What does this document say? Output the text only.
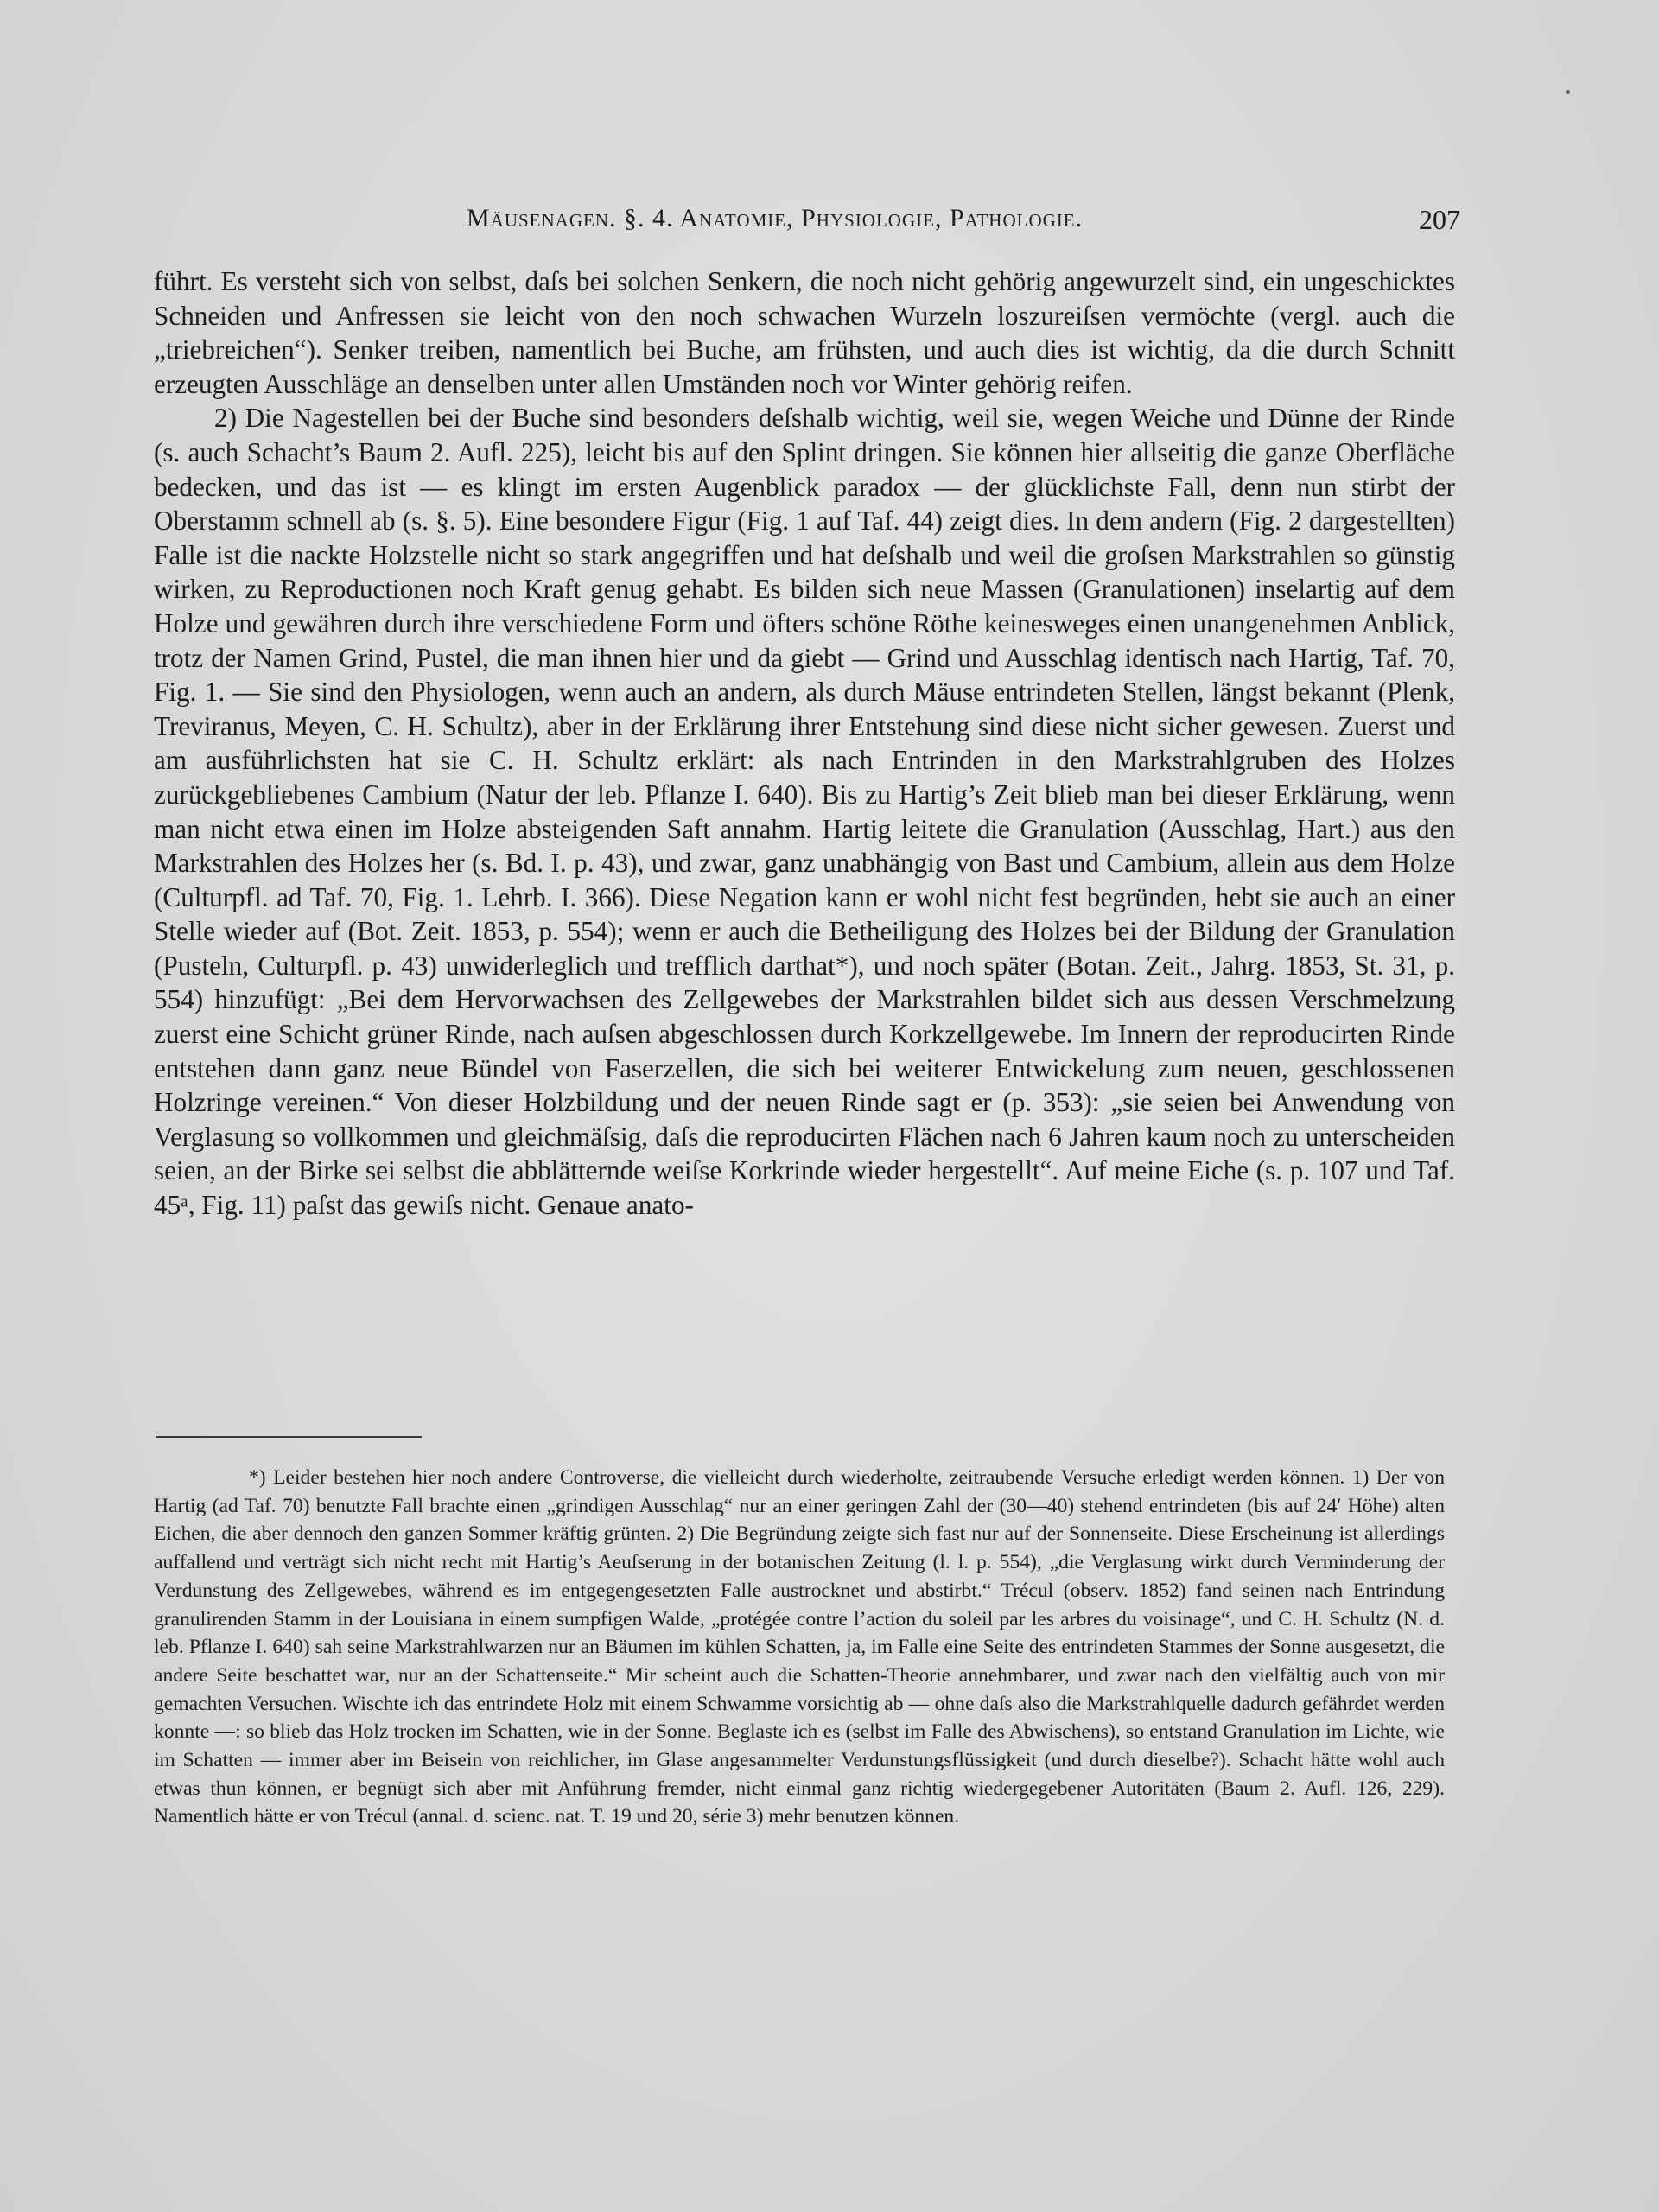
Mäusenagen. §. 4. Anatomie, Physiologie, Pathologie.	207

führt. Es versteht sich von selbst, daſs bei solchen Senkern, die noch nicht gehörig angewurzelt sind, ein ungeschicktes Schneiden und Anfressen sie leicht von den noch schwachen Wurzeln loszureiſsen vermöchte (vergl. auch die „triebreichen“). Senker treiben, namentlich bei Buche, am frühsten, und auch dies ist wichtig, da die durch Schnitt erzeugten Ausschläge an denselben unter allen Umständen noch vor Winter gehörig reifen.

2) Die Nagestellen bei der Buche sind besonders deſshalb wichtig, weil sie, wegen Weiche und Dünne der Rinde (s. auch Schacht’s Baum 2. Aufl. 225), leicht bis auf den Splint dringen. Sie können hier allseitig die ganze Oberfläche bedecken, und das ist — es klingt im ersten Augenblick paradox — der glücklichste Fall, denn nun stirbt der Oberstamm schnell ab (s. §. 5). Eine besondere Figur (Fig. 1 auf Taf. 44) zeigt dies. In dem andern (Fig. 2 dargestellten) Falle ist die nackte Holzstelle nicht so stark angegriffen und hat deſshalb und weil die groſsen Markstrahlen so günstig wirken, zu Reproductionen noch Kraft genug gehabt. Es bilden sich neue Massen (Granulationen) inselartig auf dem Holze und gewähren durch ihre verschiedene Form und öfters schöne Röthe keinesweges einen unangenehmen Anblick, trotz der Namen Grind, Pustel, die man ihnen hier und da giebt — Grind und Ausschlag identisch nach Hartig, Taf. 70, Fig. 1. — Sie sind den Physiologen, wenn auch an andern, als durch Mäuse entrindeten Stellen, längst bekannt (Plenk, Treviranus, Meyen, C. H. Schultz), aber in der Erklärung ihrer Entstehung sind diese nicht sicher gewesen. Zuerst und am ausführlichsten hat sie C. H. Schultz erklärt: als nach Entrinden in den Markstrahlgruben des Holzes zurückgebliebenes Cambium (Natur der leb. Pflanze I. 640). Bis zu Hartig’s Zeit blieb man bei dieser Erklärung, wenn man nicht etwa einen im Holze absteigenden Saft annahm. Hartig leitete die Granulation (Ausschlag, Hart.) aus den Markstrahlen des Holzes her (s. Bd. I. p. 43), und zwar, ganz unabhängig von Bast und Cambium, allein aus dem Holze (Culturpfl. ad Taf. 70, Fig. 1. Lehrb. I. 366). Diese Negation kann er wohl nicht fest begründen, hebt sie auch an einer Stelle wieder auf (Bot. Zeit. 1853, p. 554); wenn er auch die Betheiligung des Holzes bei der Bildung der Granulation (Pusteln, Culturpfl. p. 43) unwiderleglich und trefflich darthat*), und noch später (Botan. Zeit., Jahrg. 1853, St. 31, p. 554) hinzufügt: „Bei dem Hervorwachsen des Zellgewebes der Markstrahlen bildet sich aus dessen Verschmelzung zuerst eine Schicht grüner Rinde, nach auſsen abgeschlossen durch Korkzellgewebe. Im Innern der reproducirten Rinde entstehen dann ganz neue Bündel von Faserzellen, die sich bei weiterer Entwickelung zum neuen, geschlossenen Holzringe vereinen.“ Von dieser Holzbildung und der neuen Rinde sagt er (p. 353): „sie seien bei Anwendung von Verglasung so vollkommen und gleichmäſsig, daſs die reproducirten Flächen nach 6 Jahren kaum noch zu unterscheiden seien, an der Birke sei selbst die abblätternde weiſse Korkrinde wieder hergestellt“. Auf meine Eiche (s. p. 107 und Taf. 45ᵃ, Fig. 11) paſst das gewiſs nicht. Genaue anato-

*) Leider bestehen hier noch andere Controverse, die vielleicht durch wiederholte, zeitraubende Versuche erledigt werden können. 1) Der von Hartig (ad Taf. 70) benutzte Fall brachte einen „grindigen Ausschlag“ nur an einer geringen Zahl der (30—40) stehend entrindeten (bis auf 24′ Höhe) alten Eichen, die aber dennoch den ganzen Sommer kräftig grünten. 2) Die Begründung zeigte sich fast nur auf der Sonnenseite. Diese Erscheinung ist allerdings auffallend und verträgt sich nicht recht mit Hartig’s Aeuſserung in der botanischen Zeitung (l. l. p. 554), „die Verglasung wirkt durch Verminderung der Verdunstung des Zellgewebes, während es im entgegengesetzten Falle austrocknet und abstirbt.“ Trécul (observ. 1852) fand seinen nach Entrindung granulirenden Stamm in der Louisiana in einem sumpfigen Walde, „protégée contre l’action du soleil par les arbres du voisinage“, und C. H. Schultz (N. d. leb. Pflanze I. 640) sah seine Markstrahlwarzen nur an Bäumen im kühlen Schatten, ja, im Falle eine Seite des entrindeten Stammes der Sonne ausgesetzt, die andere Seite beschattet war, nur an der Schattenseite.“ Mir scheint auch die Schatten-Theorie annehmbarer, und zwar nach den vielfältig auch von mir gemachten Versuchen. Wischte ich das entrindete Holz mit einem Schwamme vorsichtig ab — ohne daſs also die Markstrahlquelle dadurch gefährdet werden konnte —: so blieb das Holz trocken im Schatten, wie in der Sonne. Beglaste ich es (selbst im Falle des Abwischens), so entstand Granulation im Lichte, wie im Schatten — immer aber im Beisein von reichlicher, im Glase angesammelter Verdunstungsflüssigkeit (und durch dieselbe?). Schacht hätte wohl auch etwas thun können, er begnügt sich aber mit Anführung fremder, nicht einmal ganz richtig wiedergegebener Autoritäten (Baum 2. Aufl. 126, 229). Namentlich hätte er von Trécul (annal. d. scienc. nat. T. 19 und 20, série 3) mehr benutzen können.
